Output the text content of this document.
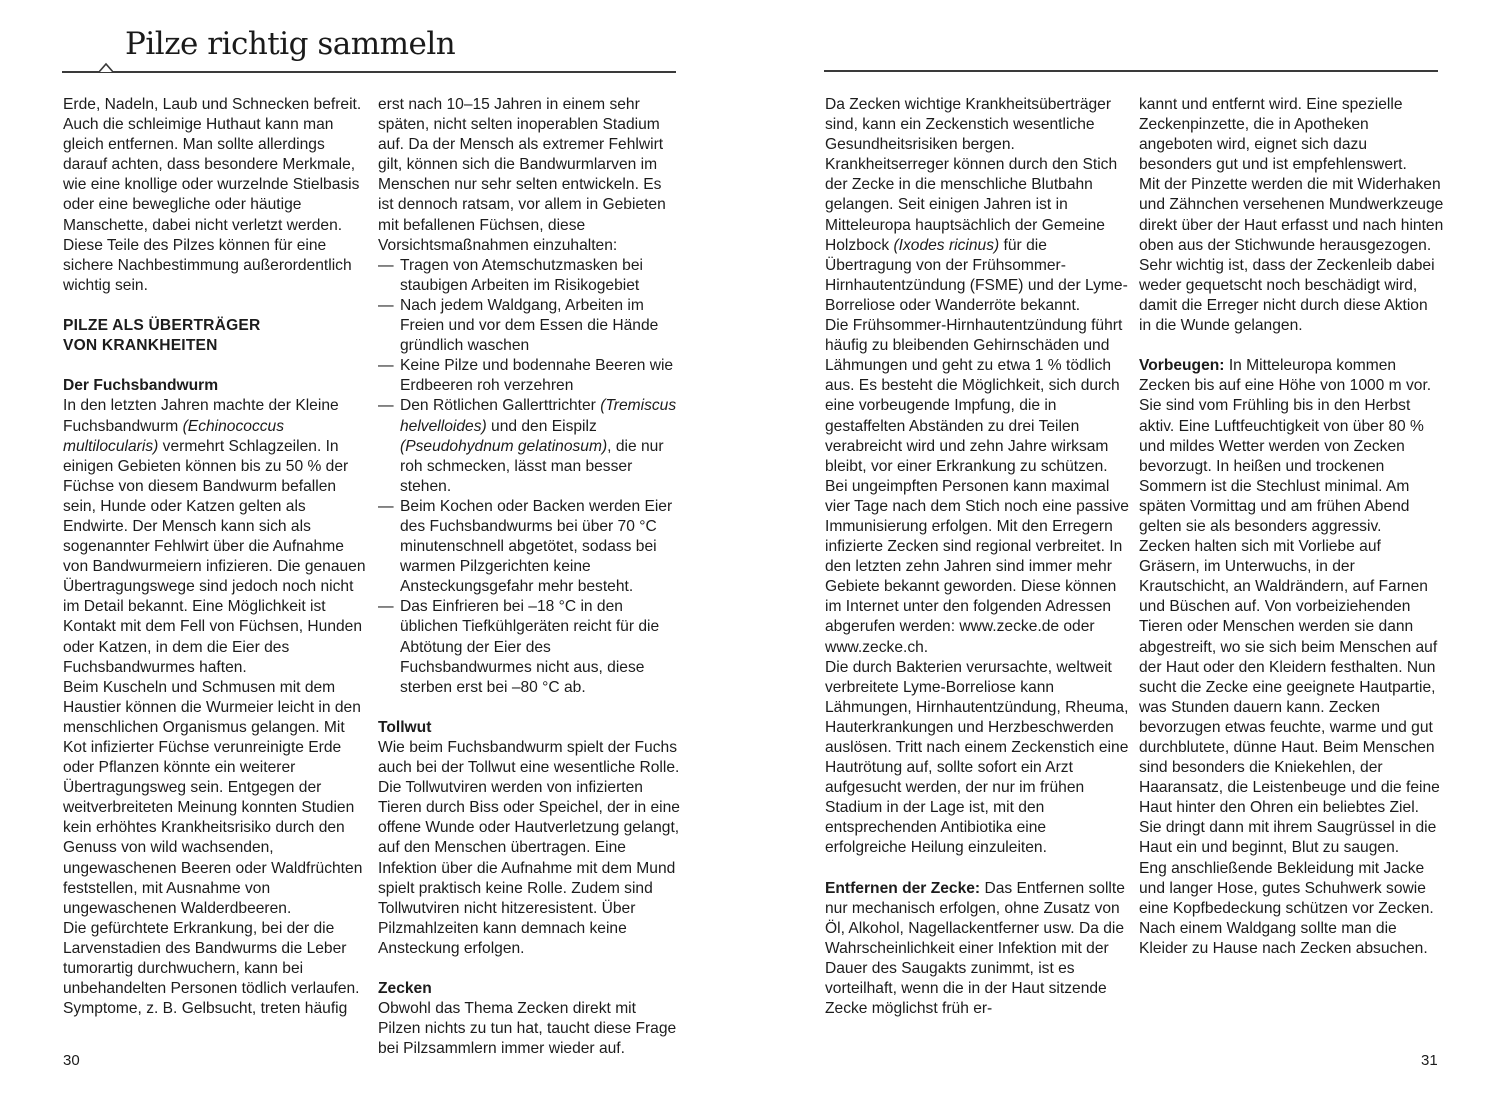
Pilze richtig sammeln

Erde, Nadeln, Laub und Schnecken befreit. Auch die schleimige Huthaut kann man gleich entfernen. Man sollte allerdings darauf achten, dass besondere Merkmale, wie eine knollige oder wurzelnde Stielbasis oder eine bewegliche oder häutige Manschette, dabei nicht verletzt werden. Diese Teile des Pilzes können für eine sichere Nachbestimmung außerordentlich wichtig sein.

PILZE ALS ÜBERTRÄGER
VON KRANKHEITEN

Der Fuchsbandwurm

In den letzten Jahren machte der Kleine Fuchsbandwurm (Echinococcus multilocularis) vermehrt Schlagzeilen. In einigen Gebieten können bis zu 50 % der Füchse von diesem Bandwurm befallen sein, Hunde oder Katzen gelten als Endwirte. Der Mensch kann sich als sogenannter Fehlwirt über die Aufnahme von Bandwurmeiern infizieren. Die genauen Übertragungswege sind jedoch noch nicht im Detail bekannt. Eine Möglichkeit ist Kontakt mit dem Fell von Füchsen, Hunden oder Katzen, in dem die Eier des Fuchsbandwurmes haften.

Beim Kuscheln und Schmusen mit dem Haustier können die Wurmeier leicht in den menschlichen Organismus gelangen. Mit Kot infizierter Füchse verunreinigte Erde oder Pflanzen könnte ein weiterer Übertragungsweg sein. Entgegen der weitverbreiteten Meinung konnten Studien kein erhöhtes Krankheitsrisiko durch den Genuss von wild wachsenden, ungewaschenen Beeren oder Waldfrüchten feststellen, mit Ausnahme von ungewaschenen Walderdbeeren.

Die gefürchtete Erkrankung, bei der die Larvenstadien des Bandwurms die Leber tumorartig durchwuchern, kann bei unbehandelten Personen tödlich verlaufen. Symptome, z. B. Gelbsucht, treten häufig

erst nach 10–15 Jahren in einem sehr späten, nicht selten inoperablen Stadium auf. Da der Mensch als extremer Fehlwirt gilt, können sich die Bandwurmlarven im Menschen nur sehr selten entwickeln. Es ist dennoch ratsam, vor allem in Gebieten mit befallenen Füchsen, diese Vorsichtsmaßnahmen einzuhalten:

— Tragen von Atemschutzmasken bei staubigen Arbeiten im Risikogebiet
— Nach jedem Waldgang, Arbeiten im Freien und vor dem Essen die Hände gründlich waschen
— Keine Pilze und bodennahe Beeren wie Erdbeeren roh verzehren
— Den Rötlichen Gallerttrichter (Tremiscus helvelloides) und den Eispilz (Pseudohydnum gelatinosum), die nur roh schmecken, lässt man besser stehen.
— Beim Kochen oder Backen werden Eier des Fuchsbandwurms bei über 70 °C minutenschnell abgetötet, sodass bei warmen Pilzgerichten keine Ansteckungsgefahr mehr besteht.
— Das Einfrieren bei –18 °C in den üblichen Tiefkühlgeräten reicht für die Abtötung der Eier des Fuchsbandwurmes nicht aus, diese sterben erst bei –80 °C ab.

Tollwut

Wie beim Fuchsbandwurm spielt der Fuchs auch bei der Tollwut eine wesentliche Rolle. Die Tollwutviren werden von infizierten Tieren durch Biss oder Speichel, der in eine offene Wunde oder Hautverletzung gelangt, auf den Menschen übertragen. Eine Infektion über die Aufnahme mit dem Mund spielt praktisch keine Rolle. Zudem sind Tollwutviren nicht hitzeresistent. Über Pilzmahlzeiten kann demnach keine Ansteckung erfolgen.

Zecken

Obwohl das Thema Zecken direkt mit Pilzen nichts zu tun hat, taucht diese Frage bei Pilzsammlern immer wieder auf.

30

Da Zecken wichtige Krankheitsüberträger sind, kann ein Zeckenstich wesentliche Gesundheitsrisiken bergen. Krankheitserreger können durch den Stich der Zecke in die menschliche Blutbahn gelangen. Seit einigen Jahren ist in Mitteleuropa hauptsächlich der Gemeine Holzbock (Ixodes ricinus) für die Übertragung von der Frühsommer-Hirnhautentzündung (FSME) und der Lyme-Borreliose oder Wanderröte bekannt.

Die Frühsommer-Hirnhautentzündung führt häufig zu bleibenden Gehirnschäden und Lähmungen und geht zu etwa 1 % tödlich aus. Es besteht die Möglichkeit, sich durch eine vorbeugende Impfung, die in gestaffelten Abständen zu drei Teilen verabreicht wird und zehn Jahre wirksam bleibt, vor einer Erkrankung zu schützen. Bei ungeimpften Personen kann maximal vier Tage nach dem Stich noch eine passive Immunisierung erfolgen. Mit den Erregern infizierte Zecken sind regional verbreitet. In den letzten zehn Jahren sind immer mehr Gebiete bekannt geworden. Diese können im Internet unter den folgenden Adressen abgerufen werden: www.zecke.de oder www.zecke.ch.

Die durch Bakterien verursachte, weltweit verbreitete Lyme-Borreliose kann Lähmungen, Hirnhautentzündung, Rheuma, Hauterkrankungen und Herzbeschwerden auslösen. Tritt nach einem Zeckenstich eine Hautrötung auf, sollte sofort ein Arzt aufgesucht werden, der nur im frühen Stadium in der Lage ist, mit den entsprechenden Antibiotika eine erfolgreiche Heilung einzuleiten.

Entfernen der Zecke: Das Entfernen sollte nur mechanisch erfolgen, ohne Zusatz von Öl, Alkohol, Nagellackentferner usw. Da die Wahrscheinlichkeit einer Infektion mit der Dauer des Saugakts zunimmt, ist es vorteilhaft, wenn die in der Haut sitzende Zecke möglichst früh er-

kannt und entfernt wird. Eine spezielle Zeckenpinzette, die in Apotheken angeboten wird, eignet sich dazu besonders gut und ist empfehlenswert.

Mit der Pinzette werden die mit Widerhaken und Zähnchen versehenen Mundwerkzeuge direkt über der Haut erfasst und nach hinten oben aus der Stichwunde herausgezogen. Sehr wichtig ist, dass der Zeckenleib dabei weder gequetscht noch beschädigt wird, damit die Erreger nicht durch diese Aktion in die Wunde gelangen.

Vorbeugen: In Mitteleuropa kommen Zecken bis auf eine Höhe von 1000 m vor. Sie sind vom Frühling bis in den Herbst aktiv. Eine Luftfeuchtigkeit von über 80 % und mildes Wetter werden von Zecken bevorzugt. In heißen und trockenen Sommern ist die Stechlust minimal. Am späten Vormittag und am frühen Abend gelten sie als besonders aggressiv.

Zecken halten sich mit Vorliebe auf Gräsern, im Unterwuchs, in der Krautschicht, an Waldrändern, auf Farnen und Büschen auf. Von vorbeiziehenden Tieren oder Menschen werden sie dann abgestreift, wo sie sich beim Menschen auf der Haut oder den Kleidern festhalten. Nun sucht die Zecke eine geeignete Hautpartie, was Stunden dauern kann. Zecken bevorzugen etwas feuchte, warme und gut durchblutete, dünne Haut. Beim Menschen sind besonders die Kniekehlen, der Haaransatz, die Leistenbeuge und die feine Haut hinter den Ohren ein beliebtes Ziel. Sie dringt dann mit ihrem Saugrüssel in die Haut ein und beginnt, Blut zu saugen.

Eng anschließende Bekleidung mit Jacke und langer Hose, gutes Schuhwerk sowie eine Kopfbedeckung schützen vor Zecken. Nach einem Waldgang sollte man die Kleider zu Hause nach Zecken absuchen.

31
